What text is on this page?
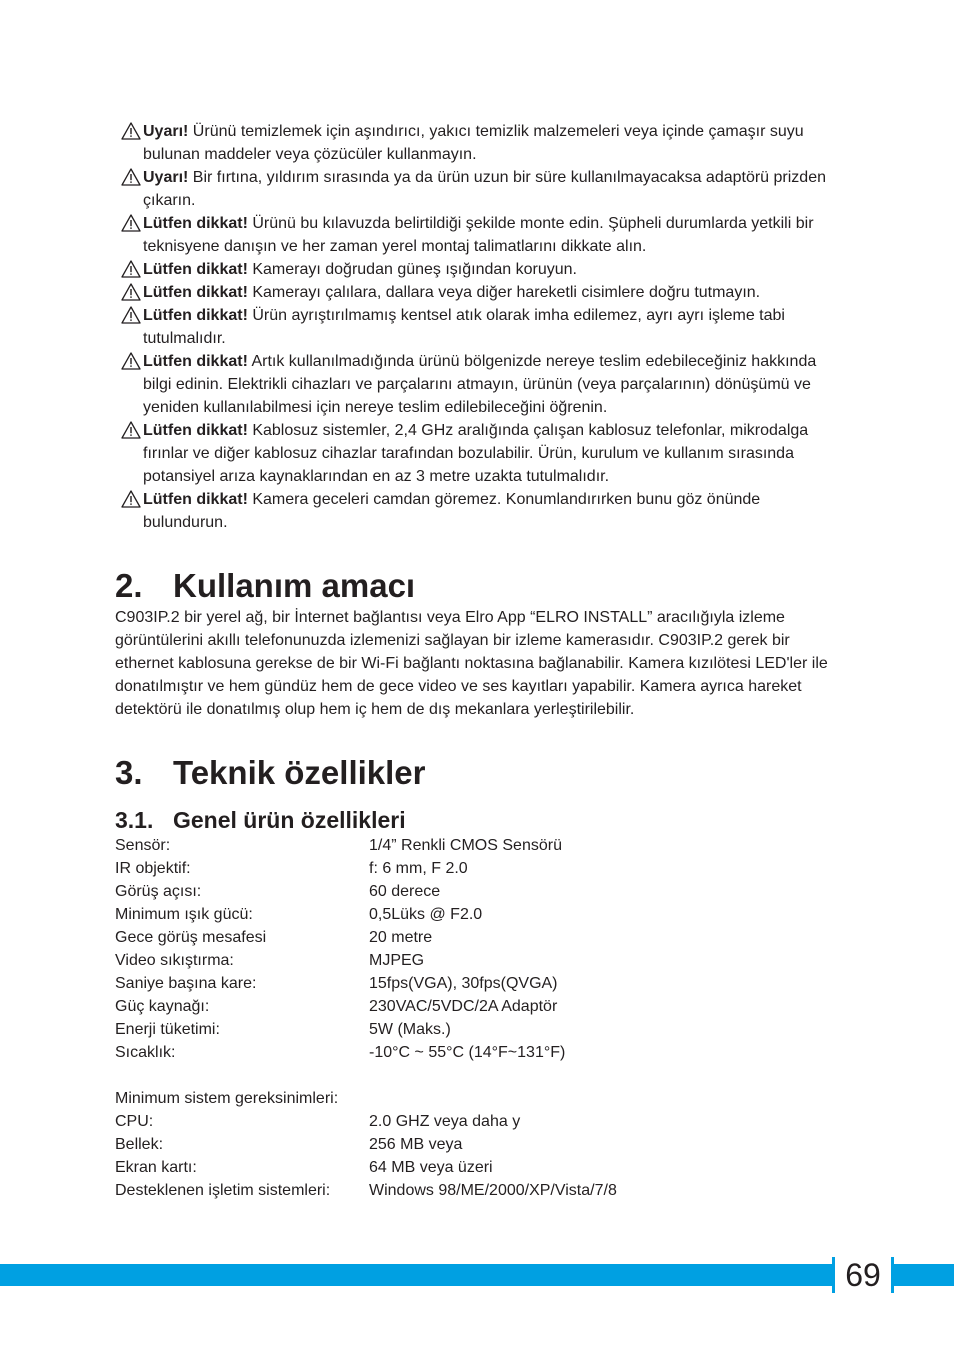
Uyarı! Ürünü temizlemek için aşındırıcı, yakıcı temizlik malzemeleri veya içinde çamaşır suyu bulunan maddeler veya çözücüler kullanmayın.

Uyarı! Bir fırtına, yıldırım sırasında ya da ürün uzun bir süre kullanılmayacaksa adaptörü prizden çıkarın.

Lütfen dikkat! Ürünü bu kılavuzda belirtildiği şekilde monte edin. Şüpheli durumlarda yetkili bir teknisyene danışın ve her zaman yerel montaj talimatlarını dikkate alın.

Lütfen dikkat! Kamerayı doğrudan güneş ışığından koruyun.

Lütfen dikkat! Kamerayı çalılara, dallara veya diğer hareketli cisimlere doğru tutmayın.

Lütfen dikkat! Ürün ayrıştırılmamış kentsel atık olarak imha edilemez, ayrı ayrı işleme tabi tutulmalıdır.

Lütfen dikkat! Artık kullanılmadığında ürünü bölgenizde nereye teslim edebileceğiniz hakkında bilgi edinin. Elektrikli cihazları ve parçalarını atmayın, ürünün (veya parçalarının) dönüşümü ve yeniden kullanılabilmesi için nereye teslim edilebileceğini öğrenin.

Lütfen dikkat! Kablosuz sistemler, 2,4 GHz aralığında çalışan kablosuz telefonlar, mikrodalga fırınlar ve diğer kablosuz cihazlar tarafından bozulabilir. Ürün, kurulum ve kullanım sırasında potansiyel arıza kaynaklarından en az 3 metre uzakta tutulmalıdır.

Lütfen dikkat! Kamera geceleri camdan göremez. Konumlandırırken bunu göz önünde bulundurun.

2. Kullanım amacı

C903IP.2 bir yerel ağ, bir İnternet bağlantısı veya Elro App “ELRO INSTALL” aracılığıyla izleme görüntülerini akıllı telefonunuzda izlemenizi sağlayan bir izleme kamerasıdır. C903IP.2 gerek bir ethernet kablosuna gerekse de bir Wi-Fi bağlantı noktasına bağlanabilir. Kamera kızılötesi LED'ler ile donatılmıştır ve hem gündüz hem de gece video ve ses kayıtları yapabilir. Kamera ayrıca hareket detektörü ile donatılmış olup hem iç hem de dış mekanlara yerleştirilebilir.

3. Teknik özellikler
3.1. Genel ürün özellikleri
Sensör:	1/4” Renkli CMOS Sensörü
IR objektif:	f: 6 mm, F 2.0
Görüş açısı:	60 derece
Minimum ışık gücü:	0,5Lüks @ F2.0
Gece görüş mesafesi	20 metre
Video sıkıştırma:	MJPEG
Saniye başına kare:	15fps(VGA), 30fps(QVGA)
Güç kaynağı:	230VAC/5VDC/2A Adaptör
Enerji tüketimi:	5W (Maks.)
Sıcaklık:	-10°C ~ 55°C (14°F~131°F)
Minimum sistem gereksinimleri:
CPU:	2.0 GHZ veya daha y
Bellek:	256 MB veya
Ekran kartı:	64 MB veya üzeri
Desteklenen işletim sistemleri:	Windows 98/ME/2000/XP/Vista/7/8
69
